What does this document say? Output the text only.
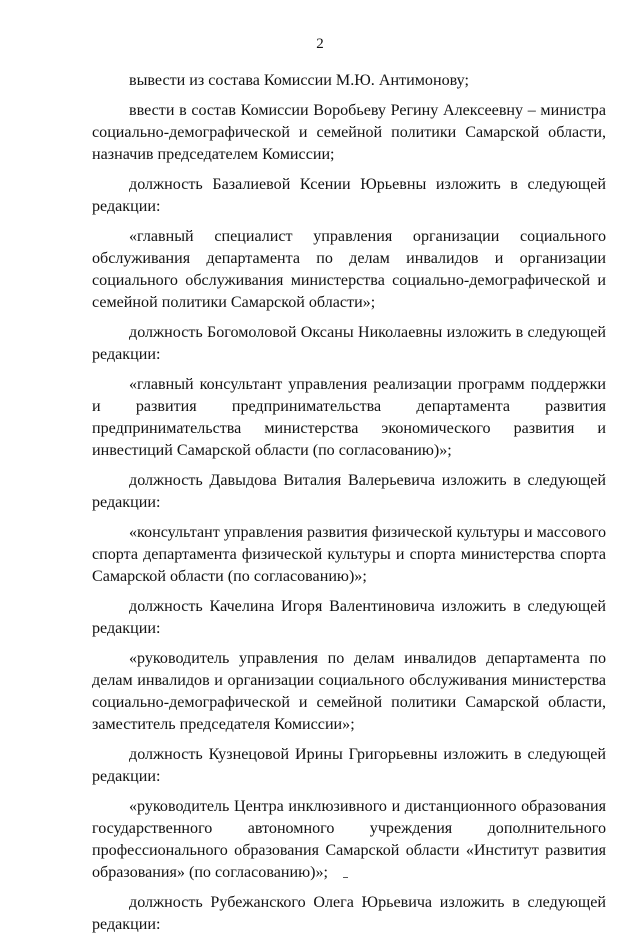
2

вывести из состава Комиссии М.Ю. Антимонову;

ввести в состав Комиссии Воробьеву Регину Алексеевну – министра социально-демографической и семейной политики Самарской области, назначив председателем Комиссии;

должность Базалиевой Ксении Юрьевны изложить в следующей редакции:

«главный специалист управления организации социального обслуживания департамента по делам инвалидов и организации социального обслуживания министерства социально-демографической и семейной политики Самарской области»;

должность Богомоловой Оксаны Николаевны изложить в следующей редакции:

«главный консультант управления реализации программ поддержки и развития предпринимательства департамента развития предпринимательства министерства экономического развития и инвестиций Самарской области (по согласованию)»;

должность Давыдова Виталия Валерьевича изложить в следующей редакции:

«консультант управления развития физической культуры и массового спорта департамента физической культуры и спорта министерства спорта Самарской области (по согласованию)»;

должность Качелина Игоря Валентиновича изложить в следующей редакции:

«руководитель управления по делам инвалидов департамента по делам инвалидов и организации социального обслуживания министерства социально-демографической и семейной политики Самарской области, заместитель председателя Комиссии»;

должность Кузнецовой Ирины Григорьевны изложить в следующей редакции:

«руководитель Центра инклюзивного и дистанционного образования государственного автономного учреждения дополнительного профессионального образования Самарской области «Институт развития образования» (по согласованию)»;

должность Рубежанского Олега Юрьевича изложить в следующей редакции:
